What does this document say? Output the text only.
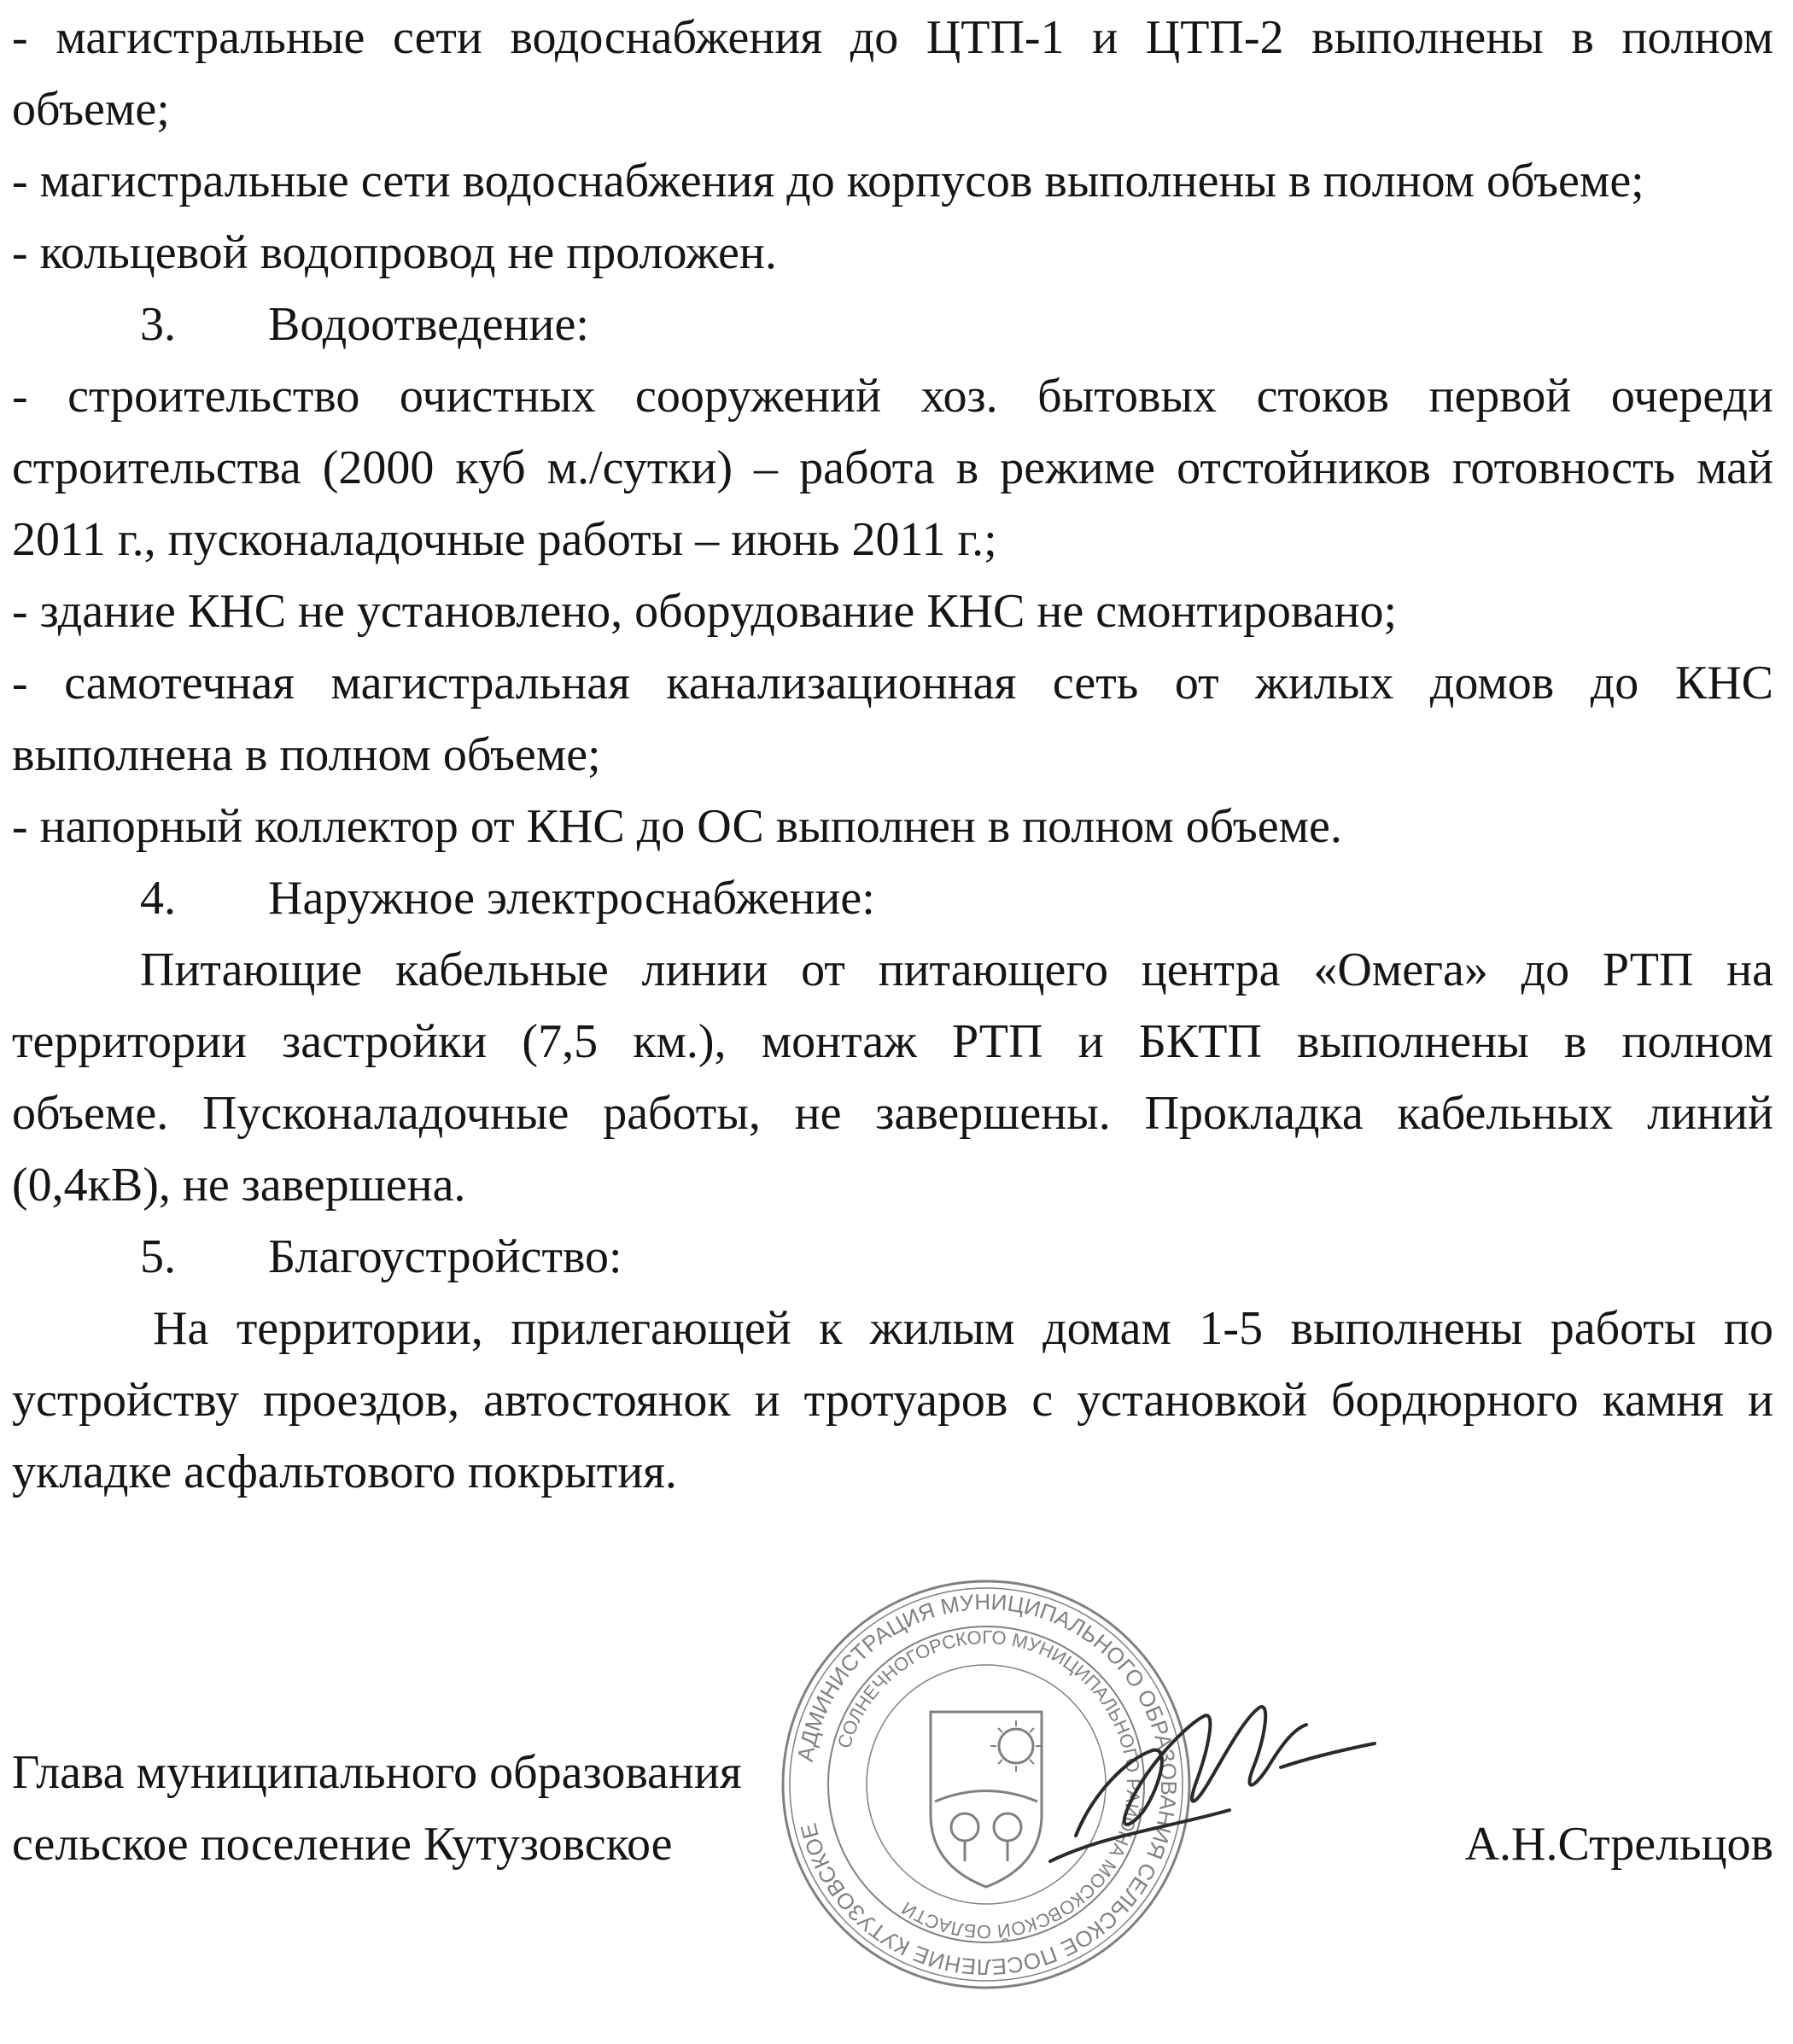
- магистральные сети водоснабжения до ЦТП-1 и ЦТП-2 выполнены в полном
объеме;
- магистральные сети водоснабжения до корпусов выполнены в полном объеме;
- кольцевой водопровод не проложен.
3. Водоотведение:
- строительство очистных сооружений хоз. бытовых стоков первой очереди
строительства (2000 куб м./сутки) – работа в режиме отстойников готовность май
2011 г., пусконаладочные работы – июнь 2011 г.;
- здание КНС не установлено, оборудование КНС не смонтировано;
- самотечная магистральная канализационная сеть от жилых домов до КНС
выполнена в полном объеме;
- напорный коллектор от КНС до ОС выполнен в полном объеме.
4. Наружное электроснабжение:
Питающие кабельные линии от питающего центра «Омега» до РТП на
территории застройки (7,5 км.), монтаж РТП и БКТП выполнены в полном
объеме. Пусконаладочные работы, не завершены. Прокладка кабельных линий
(0,4кВ), не завершена.
5. Благоустройство:
На территории, прилегающей к жилым домам 1-5 выполнены работы по
устройству проездов, автостоянок и тротуаров с установкой бордюрного камня и
укладке асфальтового покрытия.
Глава муниципального образования
сельское поселение Кутузовское	А.Н.Стрельцов
АДМИНИСТРАЦИЯ МУНИЦИПАЛЬНОГО ОБРАЗОВАНИЯ СЕЛЬСКОЕ ПОСЕЛЕНИЕ КУТУЗОВСКОЕ
СОЛНЕЧНОГОРСКОГО МУНИЦИПАЛЬНОГО РАЙОНА МОСКОВСКОЙ ОБЛАСТИ
